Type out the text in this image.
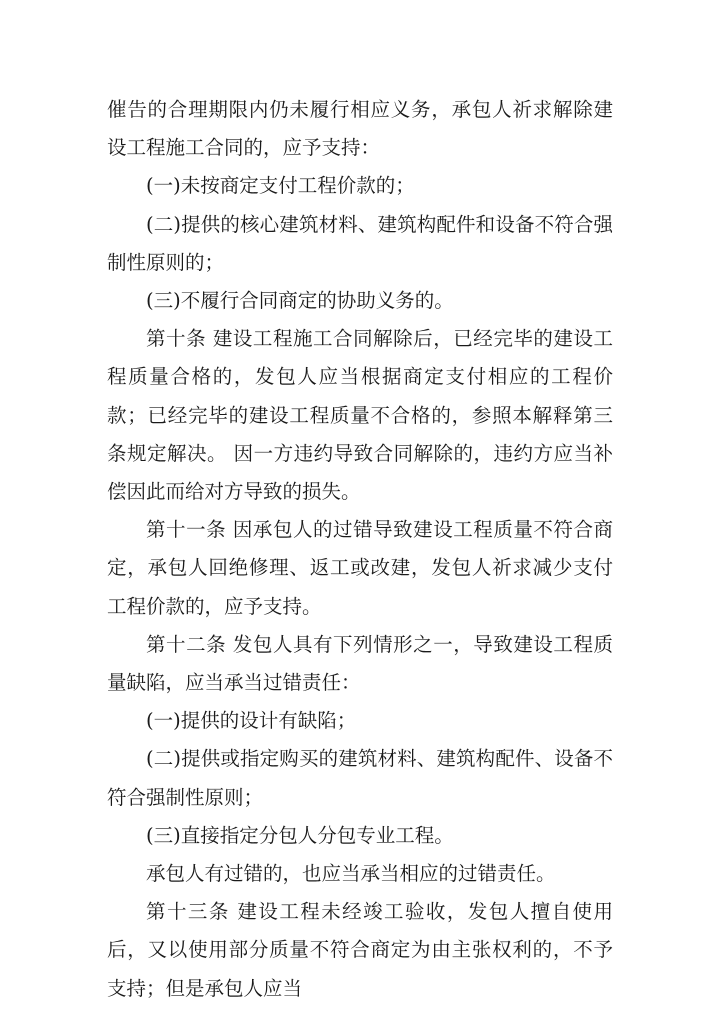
催告的合理期限内仍未履行相应义务，承包人祈求解除建设工程施工合同的，应予支持：

(一)未按商定支付工程价款的；

(二)提供的核心建筑材料、建筑构配件和设备不符合强制性原则的；

(三)不履行合同商定的协助义务的。

第十条 建设工程施工合同解除后，已经完毕的建设工程质量合格的，发包人应当根据商定支付相应的工程价款；已经完毕的建设工程质量不合格的，参照本解释第三条规定解决。 因一方违约导致合同解除的，违约方应当补偿因此而给对方导致的损失。

第十一条 因承包人的过错导致建设工程质量不符合商定，承包人回绝修理、返工或改建，发包人祈求减少支付工程价款的，应予支持。

第十二条 发包人具有下列情形之一，导致建设工程质量缺陷，应当承当过错责任：

(一)提供的设计有缺陷；

(二)提供或指定购买的建筑材料、建筑构配件、设备不符合强制性原则；

(三)直接指定分包人分包专业工程。

承包人有过错的，也应当承当相应的过错责任。

第十三条 建设工程未经竣工验收，发包人擅自使用后，又以使用部分质量不符合商定为由主张权利的，不予支持；但是承包人应当
